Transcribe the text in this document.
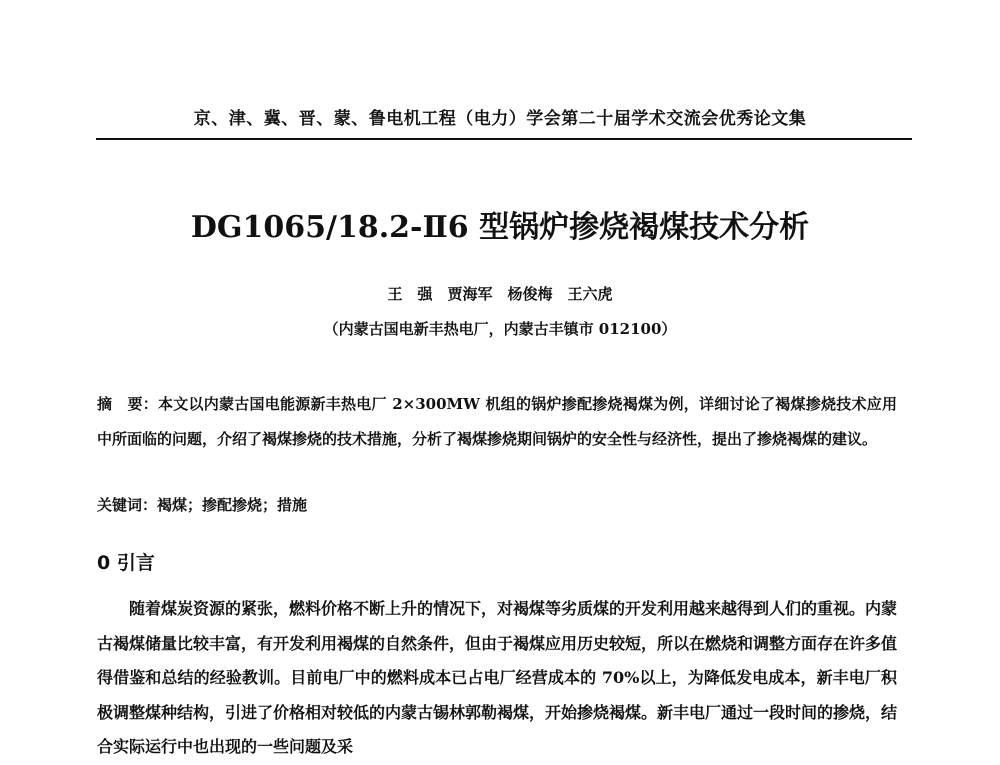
京、津、冀、晋、蒙、鲁电机工程（电力）学会第二十届学术交流会优秀论文集
DG1065/18.2-Ⅱ6 型锅炉掺烧褐煤技术分析
王　强　贾海军　杨俊梅　王六虎
（内蒙古国电新丰热电厂，内蒙古丰镇市 012100）
摘　要：本文以内蒙古国电能源新丰热电厂 2×300MW 机组的锅炉掺配掺烧褐煤为例，详细讨论了褐煤掺烧技术应用中所面临的问题，介绍了褐煤掺烧的技术措施，分析了褐煤掺烧期间锅炉的安全性与经济性，提出了掺烧褐煤的建议。
关键词：褐煤；掺配掺烧；措施
0 引言
随着煤炭资源的紧张，燃料价格不断上升的情况下，对褐煤等劣质煤的开发利用越来越得到人们的重视。内蒙古褐煤储量比较丰富，有开发利用褐煤的自然条件，但由于褐煤应用历史较短，所以在燃烧和调整方面存在许多值得借鉴和总结的经验教训。目前电厂中的燃料成本已占电厂经营成本的 70%以上，为降低发电成本，新丰电厂积极调整煤种结构，引进了价格相对较低的内蒙古锡林郭勒褐煤，开始掺烧褐煤。新丰电厂通过一段时间的掺烧，结合实际运行中也出现的一些问题及采
